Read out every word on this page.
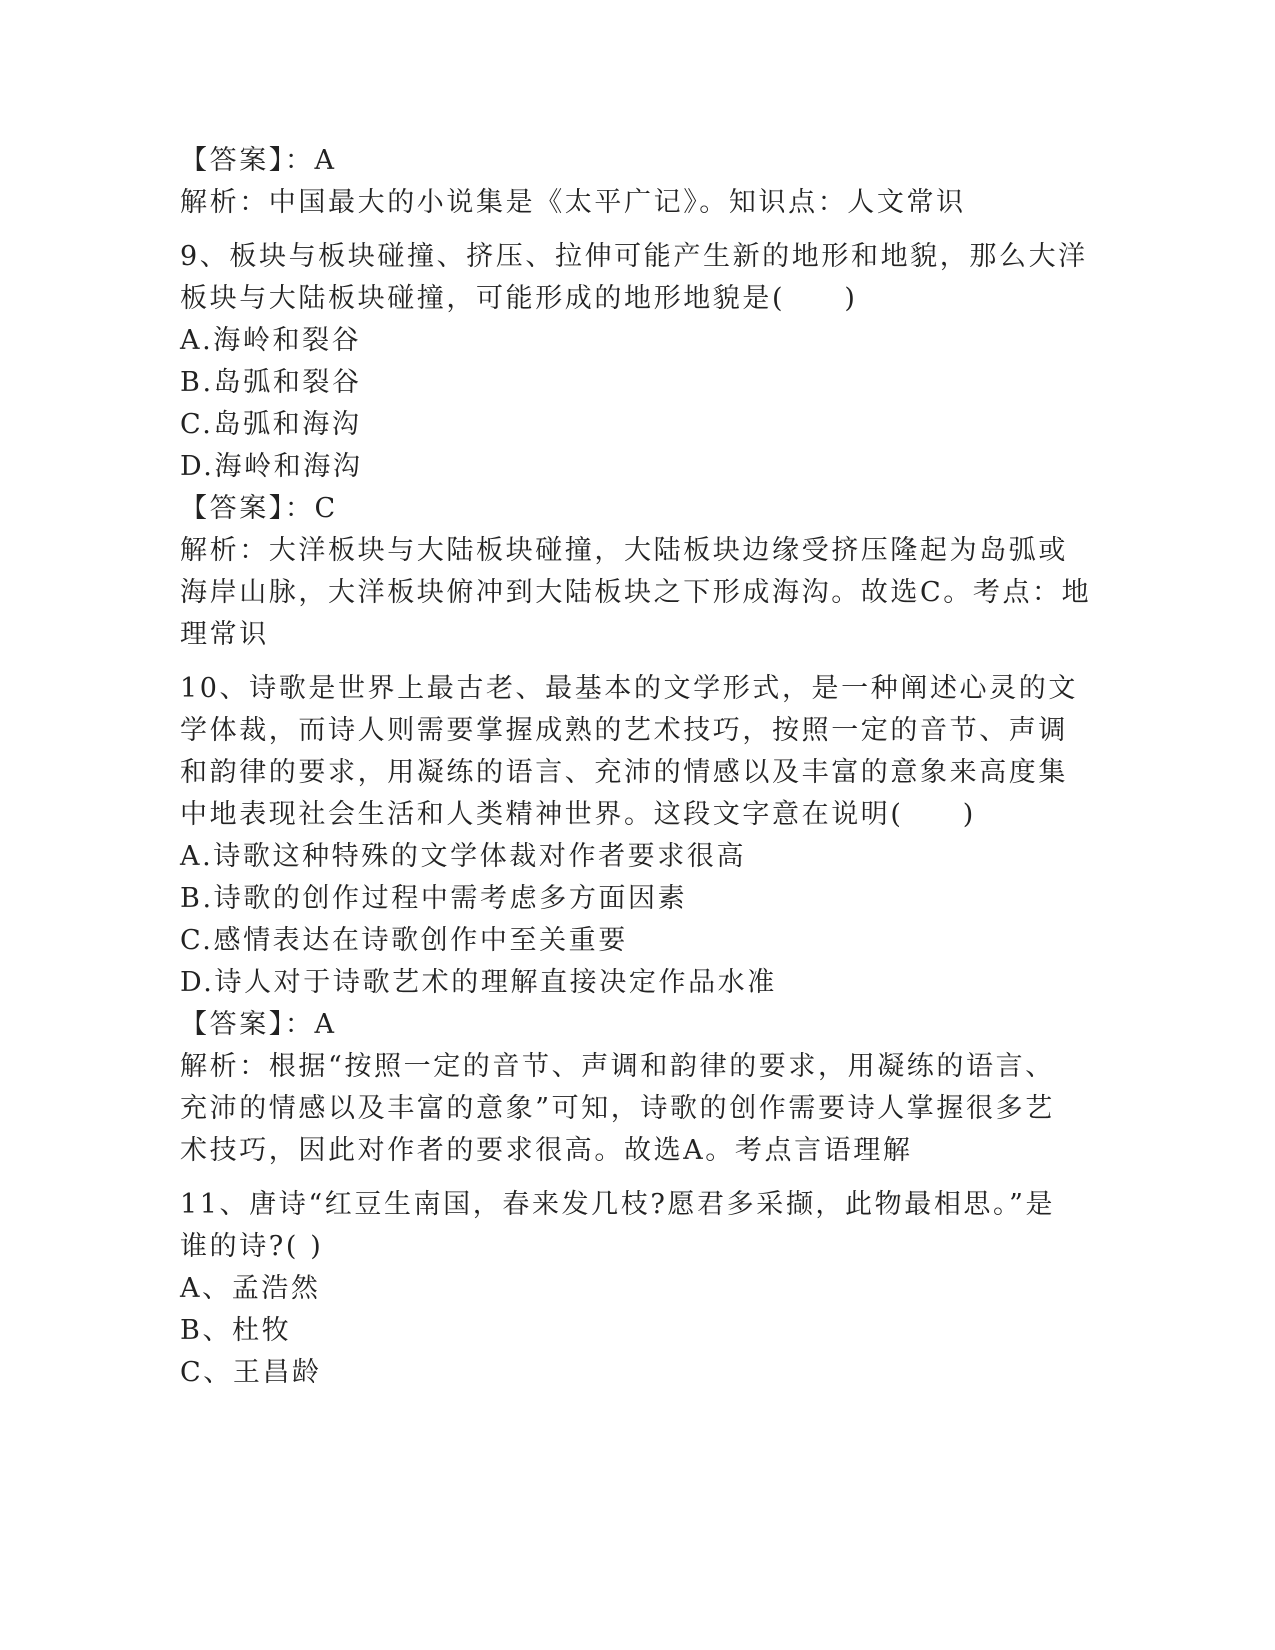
【答案】：A
解析：中国最大的小说集是《太平广记》。知识点：人文常识
9、板块与板块碰撞、挤压、拉伸可能产生新的地形和地貌，那么大洋
板块与大陆板块碰撞，可能形成的地形地貌是(　　)
A.海岭和裂谷
B.岛弧和裂谷
C.岛弧和海沟
D.海岭和海沟
【答案】：C
解析：大洋板块与大陆板块碰撞，大陆板块边缘受挤压隆起为岛弧或
海岸山脉，大洋板块俯冲到大陆板块之下形成海沟。故选C。考点：地
理常识
10、诗歌是世界上最古老、最基本的文学形式，是一种阐述心灵的文
学体裁，而诗人则需要掌握成熟的艺术技巧，按照一定的音节、声调
和韵律的要求，用凝练的语言、充沛的情感以及丰富的意象来高度集
中地表现社会生活和人类精神世界。这段文字意在说明(　　)
A.诗歌这种特殊的文学体裁对作者要求很高
B.诗歌的创作过程中需考虑多方面因素
C.感情表达在诗歌创作中至关重要
D.诗人对于诗歌艺术的理解直接决定作品水准
【答案】：A
解析：根据“按照一定的音节、声调和韵律的要求，用凝练的语言、
充沛的情感以及丰富的意象”可知，诗歌的创作需要诗人掌握很多艺
术技巧，因此对作者的要求很高。故选A。考点言语理解
11、唐诗“红豆生南国，春来发几枝?愿君多采撷，此物最相思。”是
谁的诗?( )
A、孟浩然
B、杜牧
C、王昌龄
